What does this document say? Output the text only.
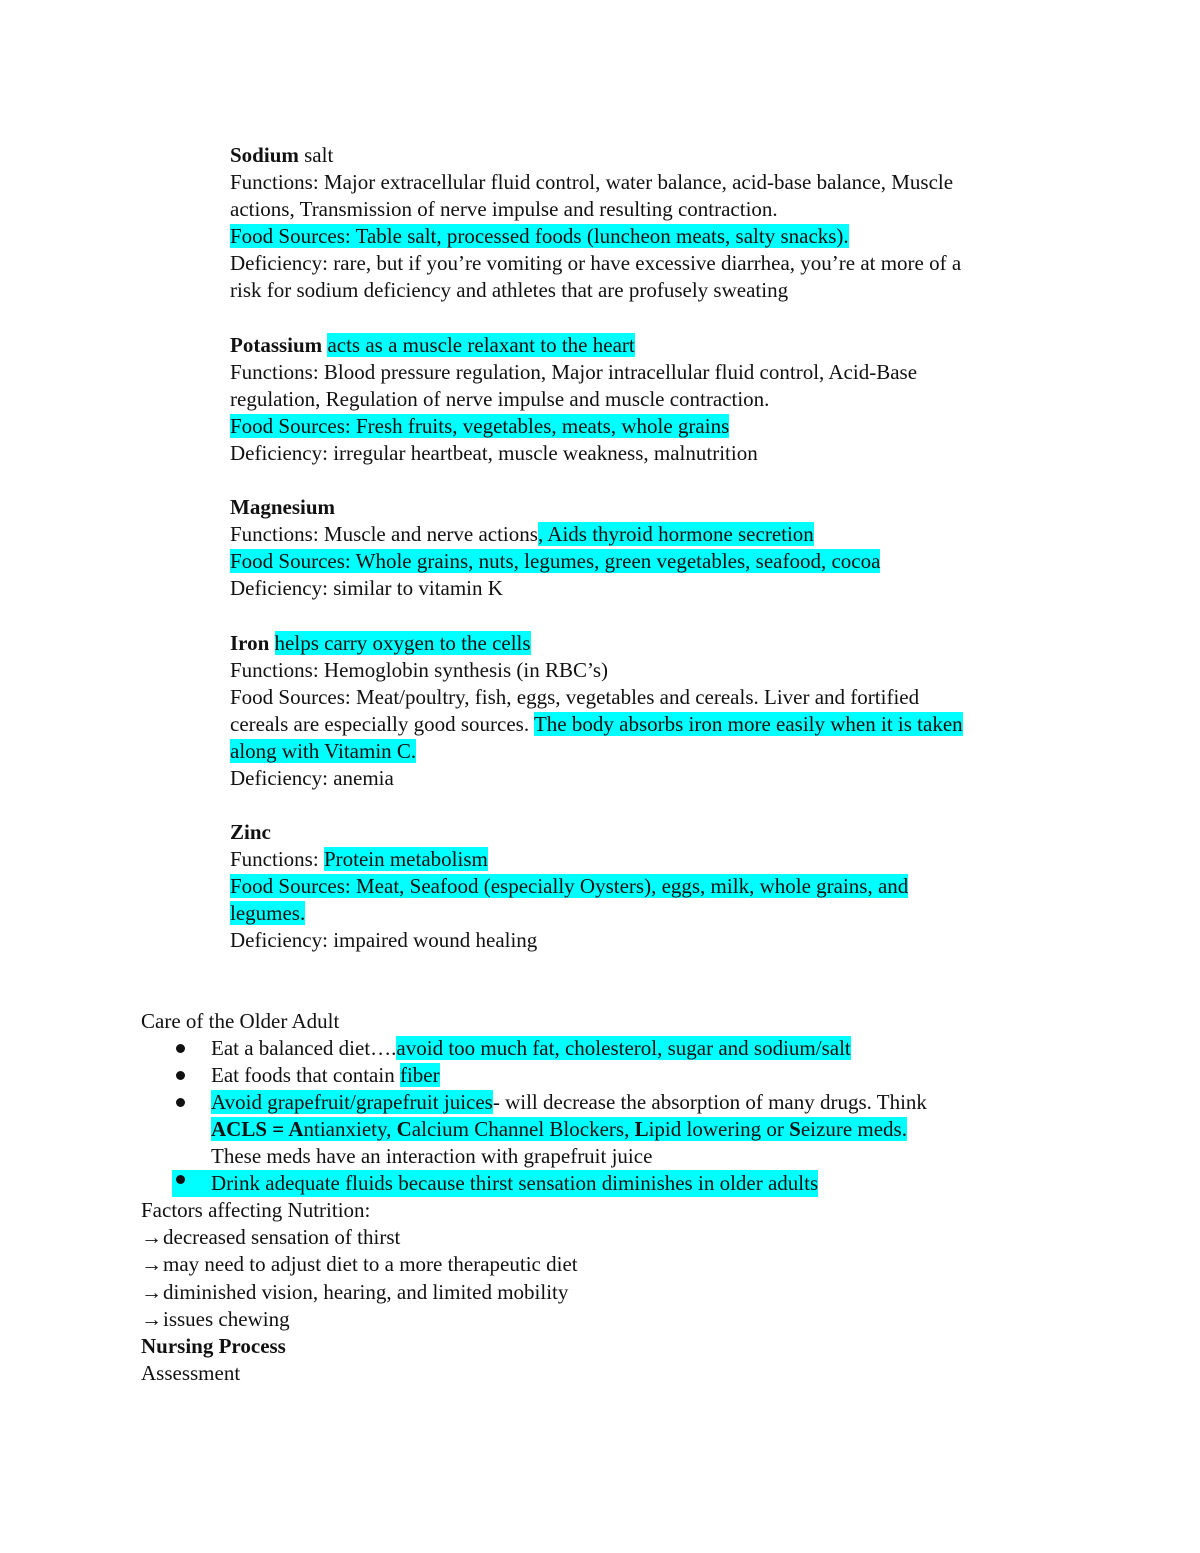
Sodium salt
Functions: Major extracellular fluid control, water balance, acid-base balance, Muscle
actions, Transmission of nerve impulse and resulting contraction.
Food Sources: Table salt, processed foods (luncheon meats, salty snacks).
Deficiency: rare, but if you’re vomiting or have excessive diarrhea, you’re at more of a
risk for sodium deficiency and athletes that are profusely sweating
Potassium acts as a muscle relaxant to the heart
Functions: Blood pressure regulation, Major intracellular fluid control, Acid-Base
regulation, Regulation of nerve impulse and muscle contraction.
Food Sources: Fresh fruits, vegetables, meats, whole grains
Deficiency: irregular heartbeat, muscle weakness, malnutrition
Magnesium
Functions: Muscle and nerve actions, Aids thyroid hormone secretion
Food Sources: Whole grains, nuts, legumes, green vegetables, seafood, cocoa
Deficiency: similar to vitamin K
Iron helps carry oxygen to the cells
Functions: Hemoglobin synthesis (in RBC’s)
Food Sources: Meat/poultry, fish, eggs, vegetables and cereals. Liver and fortified
cereals are especially good sources. The body absorbs iron more easily when it is taken
along with Vitamin C.
Deficiency: anemia
Zinc
Functions: Protein metabolism
Food Sources: Meat, Seafood (especially Oysters), eggs, milk, whole grains, and
legumes.
Deficiency: impaired wound healing
Care of the Older Adult
Eat a balanced diet….avoid too much fat, cholesterol, sugar and sodium/salt
Eat foods that contain fiber
Avoid grapefruit/grapefruit juices- will decrease the absorption of many drugs. Think
ACLS = Antianxiety, Calcium Channel Blockers, Lipid lowering or Seizure meds.
These meds have an interaction with grapefruit juice
Drink adequate fluids because thirst sensation diminishes in older adults
Factors affecting Nutrition:
→decreased sensation of thirst
→may need to adjust diet to a more therapeutic diet
→diminished vision, hearing, and limited mobility
→issues chewing
Nursing Process
Assessment
